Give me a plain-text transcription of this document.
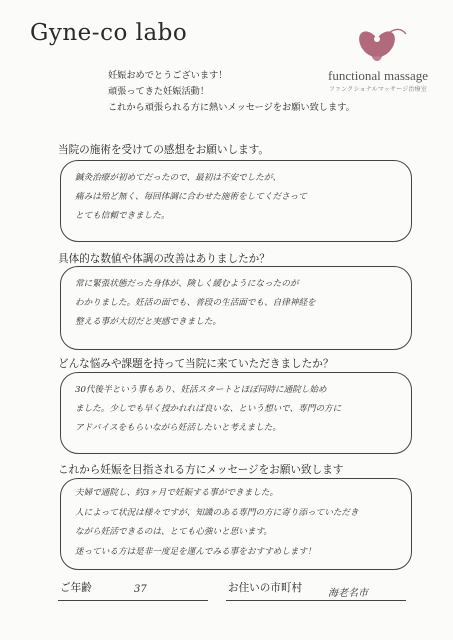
Gyne-co labo
functional massage
ファンクショナルマッサージ治療室
妊娠おめでとうございます！
頑張ってきた妊娠活動！
これから頑張られる方に熱いメッセージをお願い致します。
当院の施術を受けての感想をお願いします。
鍼灸治療が初めてだったので、最初は不安でしたが、
痛みは殆ど無く、毎回体調に合わせた施術をしてくださって
とても信頼できました。
具体的な数値や体調の改善はありましたか？
常に緊張状態だった身体が、険しく緩むようになったのが
わかりました。妊活の面でも、普段の生活面でも、自律神経を
整える事が大切だと実感できました。
どんな悩みや課題を持って当院に来ていただきましたか？
30代後半という事もあり、妊活スタートとほぼ同時に通院し始め
ました。少しでも早く授かれれば良いな、という想いで、専門の方に
アドバイスをもらいながら妊活したいと考えました。
これから妊娠を目指される方にメッセージをお願い致します
夫婦で通院し、約3ヶ月で妊娠する事ができました。
人によって状況は様々ですが、知識のある専門の方に寄り添っていただき
ながら妊活できるのは、とても心強いと思います。
迷っている方は是非一度足を運んでみる事をおすすめします！
ご年齢	37	お住いの市町村	海老名市
